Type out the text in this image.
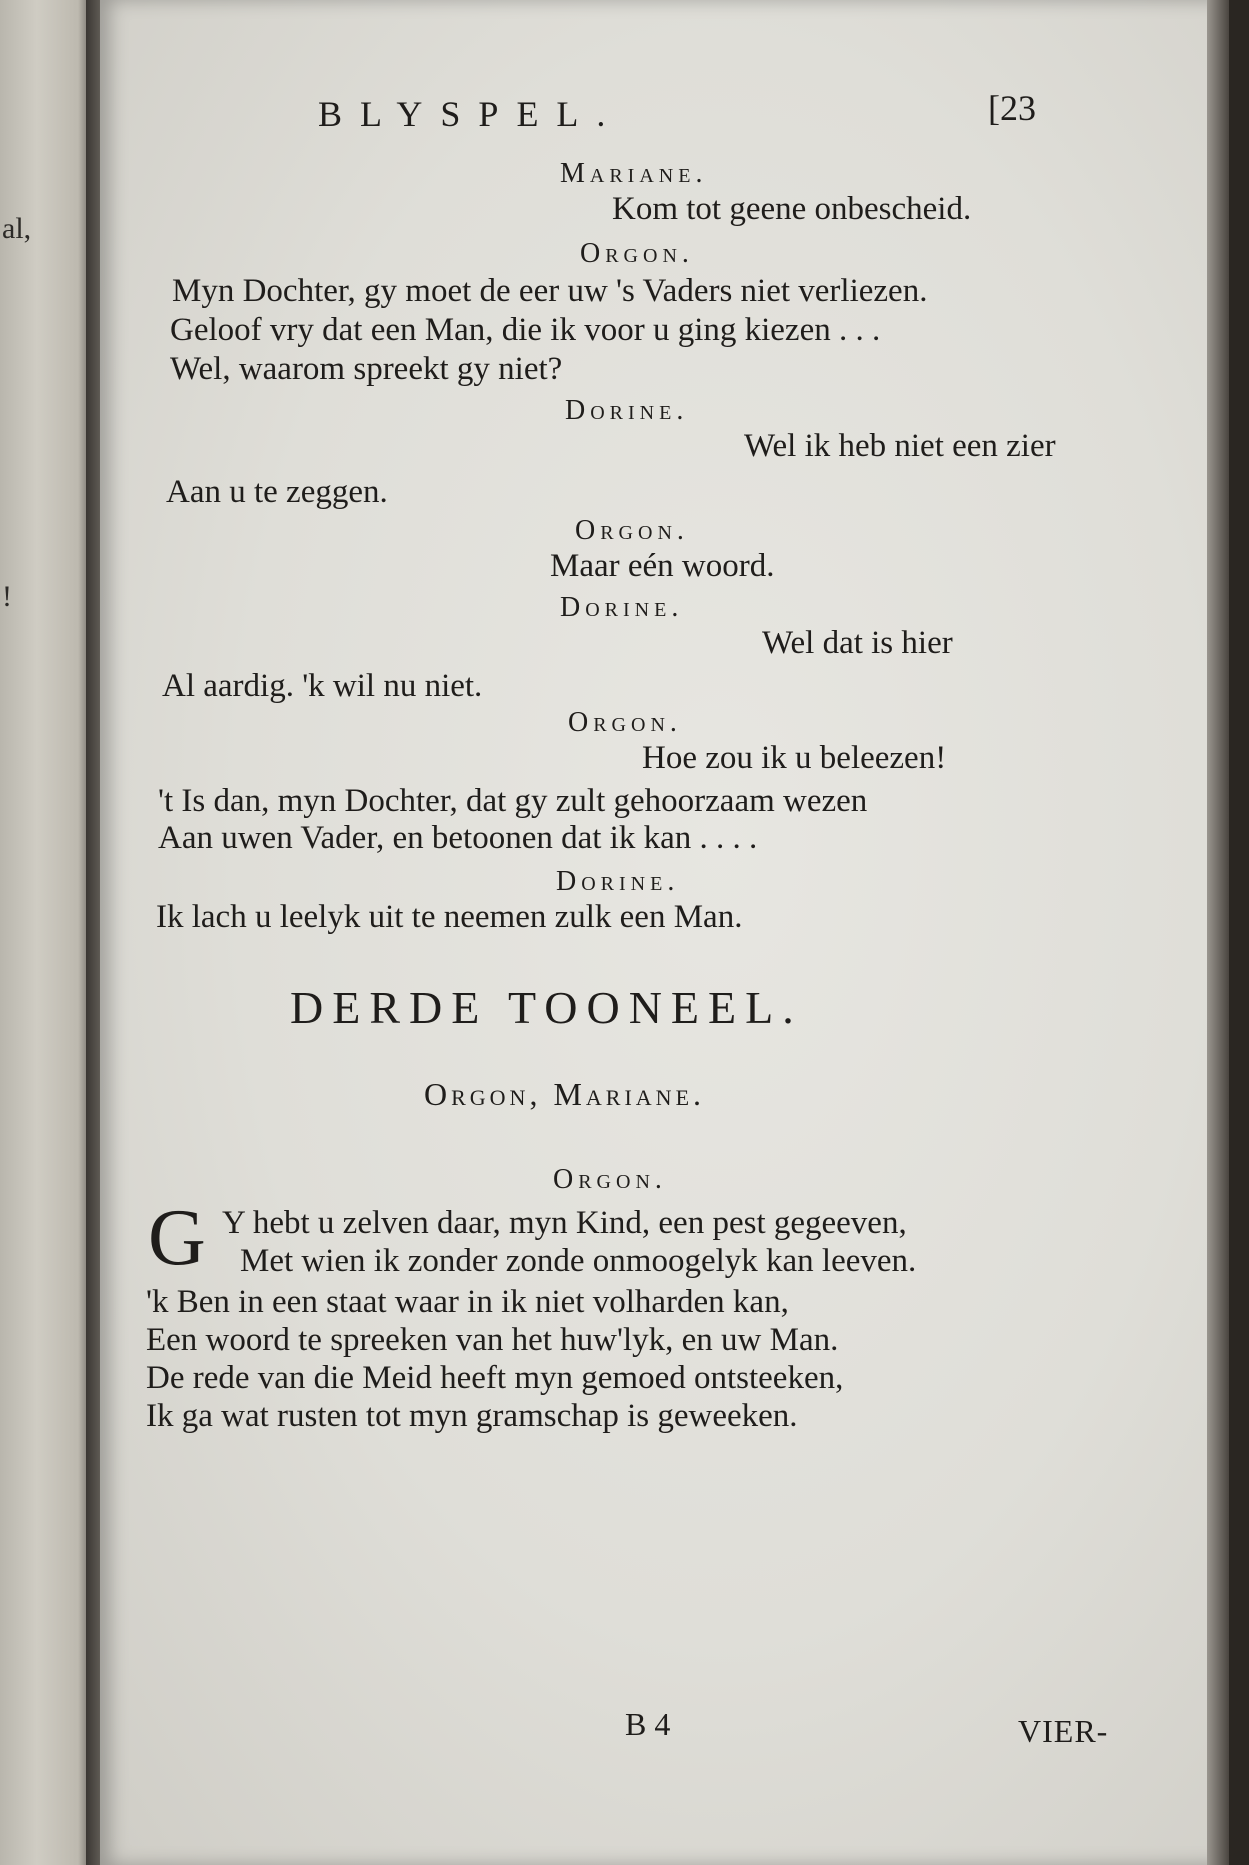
al,
!
BLYSPEL.	[23
Mariane.
Kom tot geene onbescheid.
Orgon.
Myn Dochter, gy moet de eer uw 's Vaders niet verliezen.
Geloof vry dat een Man, die ik voor u ging kiezen . . .
Wel, waarom spreekt gy niet?
Dorine.
Wel ik heb niet een zier
Aan u te zeggen.
Orgon.
Maar eén woord.
Dorine.
Wel dat is hier
Al aardig. 'k wil nu niet.
Orgon.
Hoe zou ik u beleezen!
't Is dan, myn Dochter, dat gy zult gehoorzaam wezen
Aan uwen Vader, en betoonen dat ik kan . . . .
Dorine.
Ik lach u leelyk uit te neemen zulk een Man.
DERDE TOONEEL.
Orgon, Mariane.
Orgon.
G Y hebt u zelven daar, myn Kind, een pest gegeeven,
Met wien ik zonder zonde onmoogelyk kan leeven.
'k Ben in een staat waar in ik niet volharden kan,
Een woord te spreeken van het huw'lyk, en uw Man.
De rede van die Meid heeft myn gemoed ontsteeken,
Ik ga wat rusten tot myn gramschap is geweeken.
B 4	VIER-
